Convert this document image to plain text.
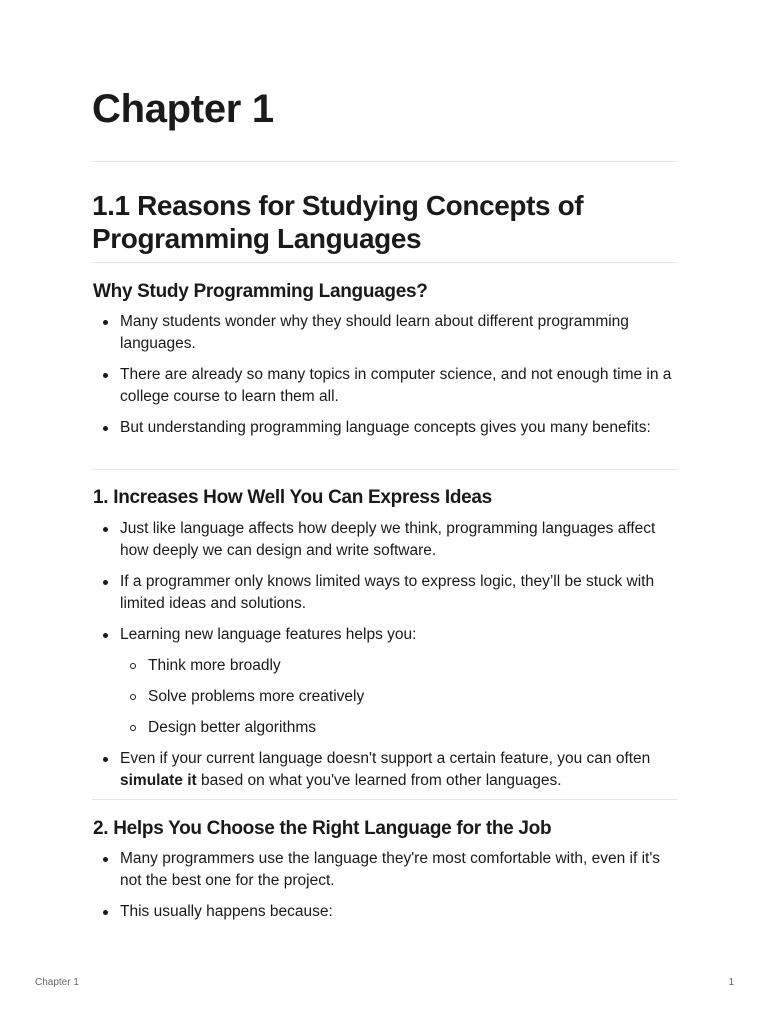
Chapter 1
1.1 Reasons for Studying Concepts of Programming Languages
Why Study Programming Languages?
Many students wonder why they should learn about different programming languages.
There are already so many topics in computer science, and not enough time in a college course to learn them all.
But understanding programming language concepts gives you many benefits:
1. Increases How Well You Can Express Ideas
Just like language affects how deeply we think, programming languages affect how deeply we can design and write software.
If a programmer only knows limited ways to express logic, they’ll be stuck with limited ideas and solutions.
Learning new language features helps you:
Think more broadly
Solve problems more creatively
Design better algorithms
Even if your current language doesn't support a certain feature, you can often simulate it based on what you've learned from other languages.
2. Helps You Choose the Right Language for the Job
Many programmers use the language they're most comfortable with, even if it's not the best one for the project.
This usually happens because:
Chapter 1	1
